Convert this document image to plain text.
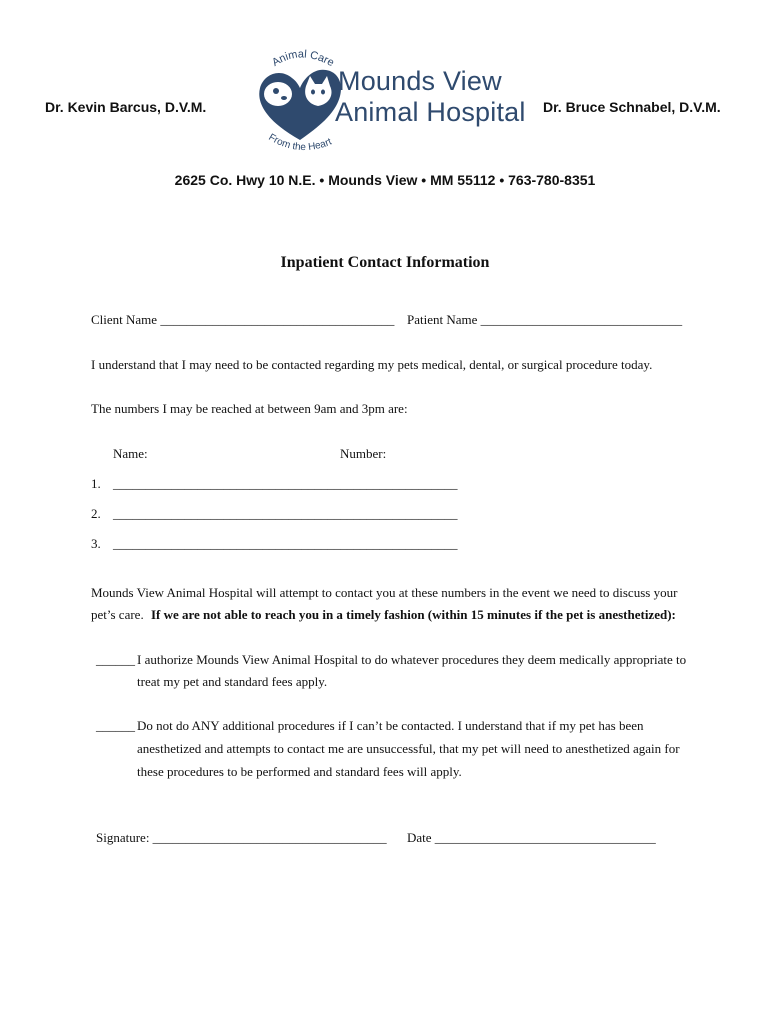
Dr. Kevin Barcus, D.V.M.	Dr. Bruce Schnabel, D.V.M.
Animal Care
From the Heart
Mounds View
Animal Hospital
2625 Co. Hwy 10 N.E. • Mounds View • MM 55112 • 763-780-8351
Inpatient Contact Information
Client Name ____________________________________ Patient Name _______________________________
I understand that I may need to be contacted regarding my pets medical, dental, or surgical procedure today.
The numbers I may be reached at between 9am and 3pm are:
Name:	Number:
1. _____________________________________________________
2. _____________________________________________________
3. _____________________________________________________
Mounds View Animal Hospital will attempt to contact you at these numbers in the event we need to discuss your
pet’s care. If we are not able to reach you in a timely fashion (within 15 minutes if the pet is anesthetized):
______ I authorize Mounds View Animal Hospital to do whatever procedures they deem medically appropriate to
treat my pet and standard fees apply.
______ Do not do ANY additional procedures if I can’t be contacted. I understand that if my pet has been
anesthetized and attempts to contact me are unsuccessful, that my pet will need to anesthetized again for
these procedures to be performed and standard fees will apply.
Signature: ____________________________________ Date __________________________________
